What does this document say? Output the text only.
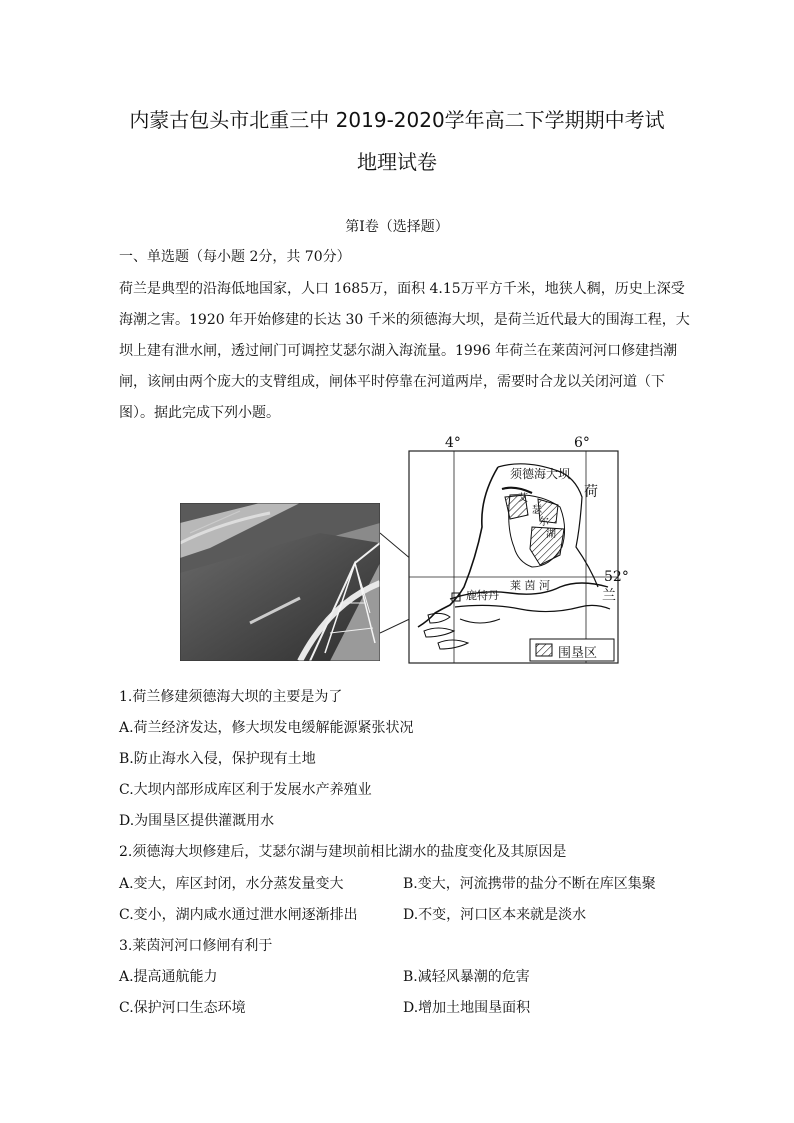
内蒙古包头市北重三中 2019-2020学年高二下学期期中考试
地理试卷
第Ⅰ卷（选择题）
一、单选题（每小题 2分，共 70分）
荷兰是典型的沿海低地国家，人口 1685万，面积 4.15万平方千米，地狭人稠，历史上深受
海潮之害。1920 年开始修建的长达 30 千米的须德海大坝，是荷兰近代最大的围海工程，大
坝上建有泄水闸，透过闸门可调控艾瑟尔湖入海流量。1996 年荷兰在莱茵河河口修建挡潮
闸，该闸由两个庞大的支臂组成，闸体平时停靠在河道两岸，需要时合龙以关闭河道（下
图）。据此完成下列小题。
4°	6°
52°
须德海大坝
艾
瑟
尔
湖
荷
兰
莱 茵 河
鹿特丹
围垦区
1.荷兰修建须德海大坝的主要是为了
A.荷兰经济发达，修大坝发电缓解能源紧张状况
B.防止海水入侵，保护现有土地
C.大坝内部形成库区利于发展水产养殖业
D.为围垦区提供灌溉用水
2.须德海大坝修建后，艾瑟尔湖与建坝前相比湖水的盐度变化及其原因是
A.变大，库区封闭，水分蒸发量变大	B.变大，河流携带的盐分不断在库区集聚
C.变小，湖内咸水通过泄水闸逐渐排出	D.不变，河口区本来就是淡水
3.莱茵河河口修闸有利于
A.提高通航能力	B.减轻风暴潮的危害
C.保护河口生态环境	D.增加土地围垦面积
